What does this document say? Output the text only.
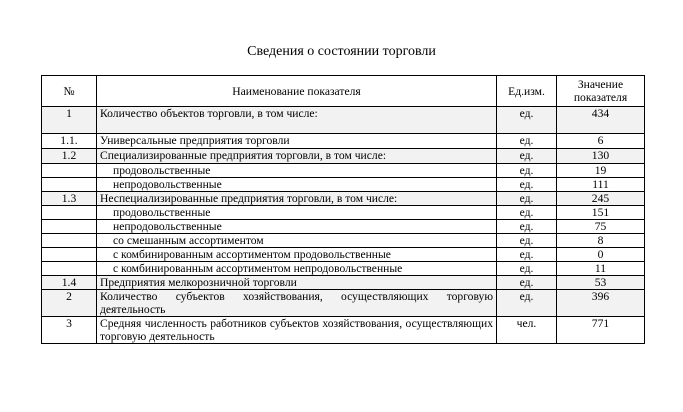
Сведения о состоянии торговли
№	Наименование показателя	Ед.изм.	Значение показателя
1	Количество объектов торговли, в том числе:	ед.	434
1.1.	Универсальные предприятия торговли	ед.	6
1.2	Специализированные предприятия торговли, в том числе:	ед.	130
	продовольственные	ед.	19
	непродовольственные	ед.	111
1.3	Неспециализированные предприятия торговли, в том числе:	ед.	245
	продовольственные	ед.	151
	непродовольственные	ед.	75
	со смешанным ассортиментом	ед.	8
	с комбинированным ассортиментом продовольственные	ед.	0
	с комбинированным ассортиментом непродовольственные	ед.	11
1.4	Предприятия мелкорозничной торговли	ед.	53
2	Количество субъектов хозяйствования, осуществляющих торговую деятельность	ед.	396
3	Средняя численность работников субъектов хозяйствования, осуществляющих торговую деятельность	чел.	771
